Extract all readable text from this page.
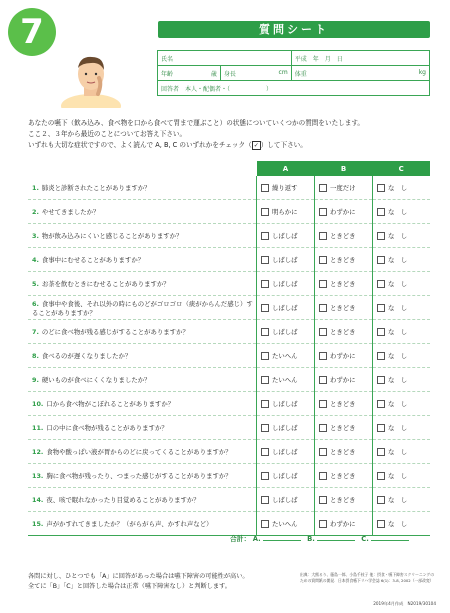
7	質問シート
氏名		平成　年　月　日
年齢 歳	身長 cm	体重 kg

回答者　本人・配偶者・（　　　　　　）		
あなたの嚥下（飲み込み、食べ物を口から食べて胃まで運ぶこと）の状態についていくつかの質問をいたします。
ここ２、３年から最近のことについてお答え下さい。
いずれも大切な症状ですので、よく読んで A, B, C のいずれかをチェック（ ✓ ）して下さい。
	A	B	C
1. 肺炎と診断されたことがありますか？	繰り返す	一度だけ	な　し
2. やせてきましたか？	明らかに	わずかに	な　し
3. 物が飲み込みにくいと感じることがありますか？	しばしば	ときどき	な　し
4. 食事中にむせることがありますか？	しばしば	ときどき	な　し
5. お茶を飲むときにむせることがありますか？	しばしば	ときどき	な　し
6. 食事中や食後、それ以外の時にものどがゴロゴロ（痰がからんだ感じ）することがありますか？	しばしば	ときどき	な　し
7. のどに食べ物が残る感じがすることがありますか？	しばしば	ときどき	な　し
8. 食べるのが遅くなりましたか？	たいへん	わずかに	な　し
9. 硬いものが食べにくくなりましたか？	たいへん	わずかに	な　し
10. 口から食べ物がこぼれることがありますか？	しばしば	ときどき	な　し
11. 口の中に食べ物が残ることがありますか？	しばしば	ときどき	な　し
12. 食物や酸っぱい液が胃からのどに戻ってくることがありますか？	しばしば	ときどき	な　し
13. 胸に食べ物が残ったり、つまった感じがすることがありますか？	しばしば	ときどき	な　し
14. 夜、咳で眠れなかったり目覚めることがありますか？	しばしば	ときどき	な　し
15. 声がかすれてきましたか？（がらがら声、かすれ声など）	たいへん	わずかに	な　し
合計： A.	B.	C.
各問に対し、ひとつでも「A」に回答があった場合は嚥下障害の可能性が高い。
全てに「B」「C」と回答した場合は正常（嚥下障害なし）と判断します。
出典：大熊るり、藤島一郎、小島千枝子 他：摂食・嚥下障害スクリーニングのための質問紙の開発．日本摂食嚥下リハ学会誌 6(1)：3-8, 2002（一部改変）
2019年4月作成　N2019/30104
